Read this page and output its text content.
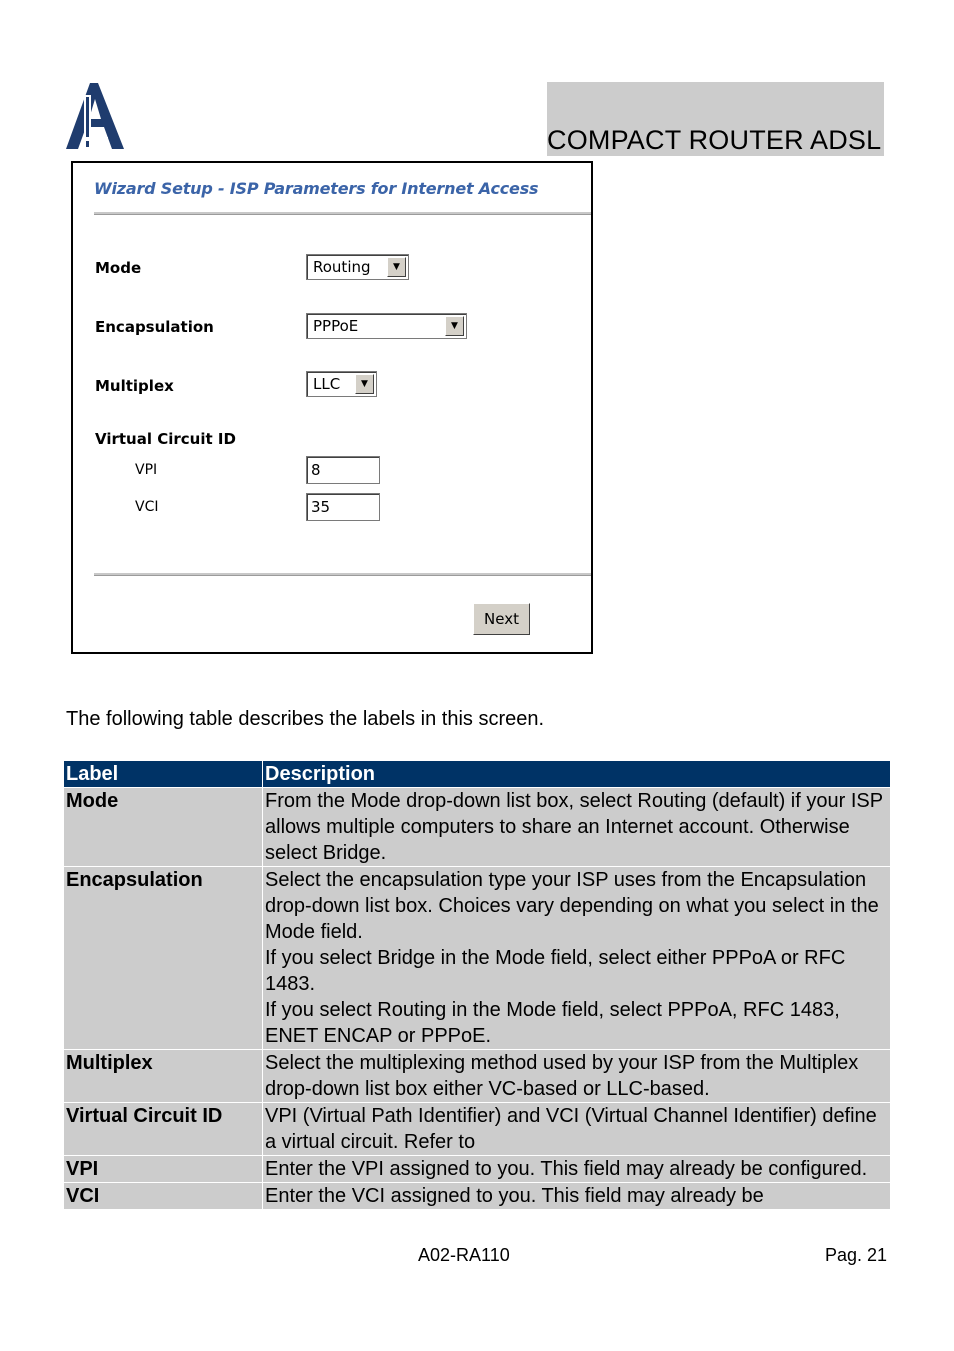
COMPACT ROUTER ADSL
Wizard Setup - ISP Parameters for Internet Access
Mode	Routing	▼
Encapsulation	PPPoE	▼
Multiplex	LLC	▼
Virtual Circuit ID
VPI	8
VCI	35
Next
The following table describes the labels in this screen.
Label	Description
Mode	From the Mode drop-down list box, select Routing (default) if your ISP allows multiple computers to share an Internet account. Otherwise select Bridge.

Encapsulation	Select the encapsulation type your ISP uses from the Encapsulation drop-down list box. Choices vary depending on what you select in the Mode field.
If you select Bridge in the Mode field, select either PPPoA or RFC 1483.
If you select Routing in the Mode field, select PPPoA, RFC 1483, ENET ENCAP or PPPoE.

Multiplex	Select the multiplexing method used by your ISP from the Multiplex drop-down list box either VC-based or LLC-based.

Virtual Circuit ID	VPI (Virtual Path Identifier) and VCI (Virtual Channel Identifier) define a virtual circuit. Refer to

VPI	Enter the VPI assigned to you. This field may already be configured.

VCI	Enter the VCI assigned to you. This field may already be
A02-RA110	Pag. 21
